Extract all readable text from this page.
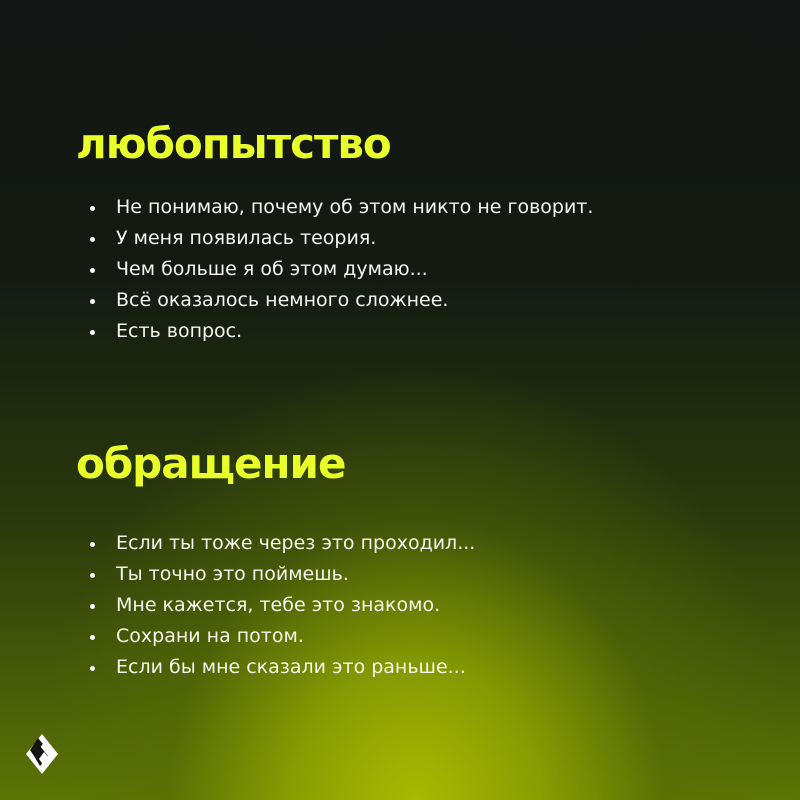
любопытство
Не понимаю, почему об этом никто не говорит.
У меня появилась теория.
Чем больше я об этом думаю...
Всё оказалось немного сложнее.
Есть вопрос.
обращение
Если ты тоже через это проходил...
Ты точно это поймешь.
Мне кажется, тебе это знакомо.
Сохрани на потом.
Если бы мне сказали это раньше...
